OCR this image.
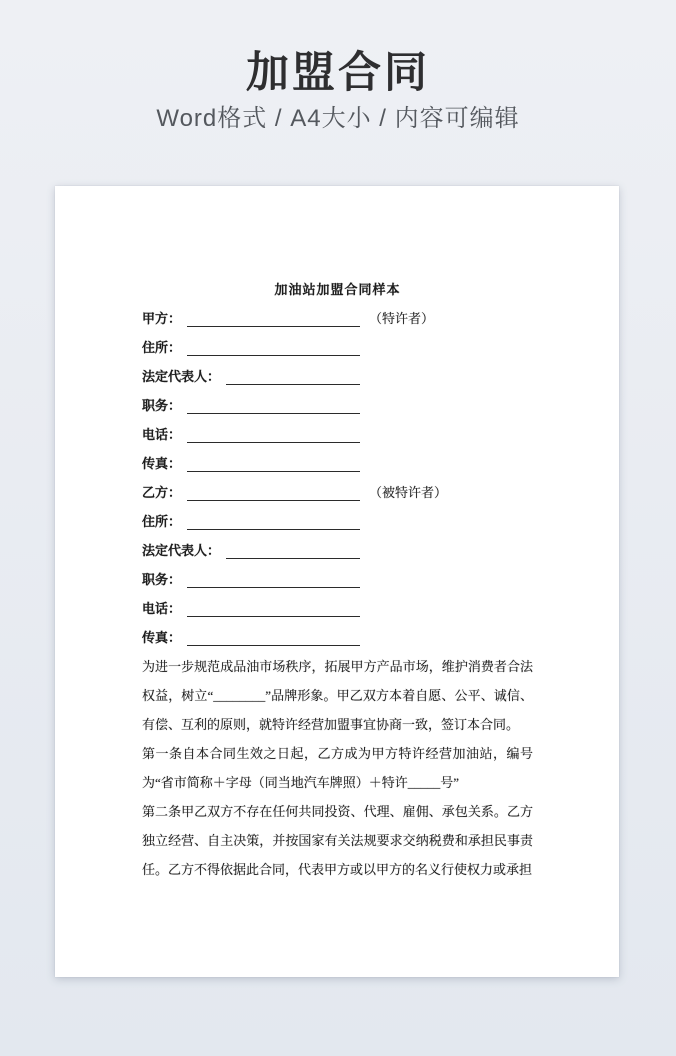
加盟合同

Word格式 / A4大小 / 内容可编辑

加油站加盟合同样本
甲方：	（特许者）
住所：
法定代表人：
职务：
电话：
传真：
乙方：	（被特许者）
住所：
法定代表人：
职务：
电话：
传真：

为进一步规范成品油市场秩序，拓展甲方产品市场，维护消费者合法权益，树立“________”品牌形象。甲乙双方本着自愿、公平、诚信、有偿、互利的原则，就特许经营加盟事宜协商一致，签订本合同。

第一条自本合同生效之日起，乙方成为甲方特许经营加油站，编号为“省市简称＋字母（同当地汽车牌照）＋特许_____号”

第二条甲乙双方不存在任何共同投资、代理、雇佣、承包关系。乙方独立经营、自主决策，并按国家有关法规要求交纳税费和承担民事责任。乙方不得依据此合同，代表甲方或以甲方的名义行使权力或承担
